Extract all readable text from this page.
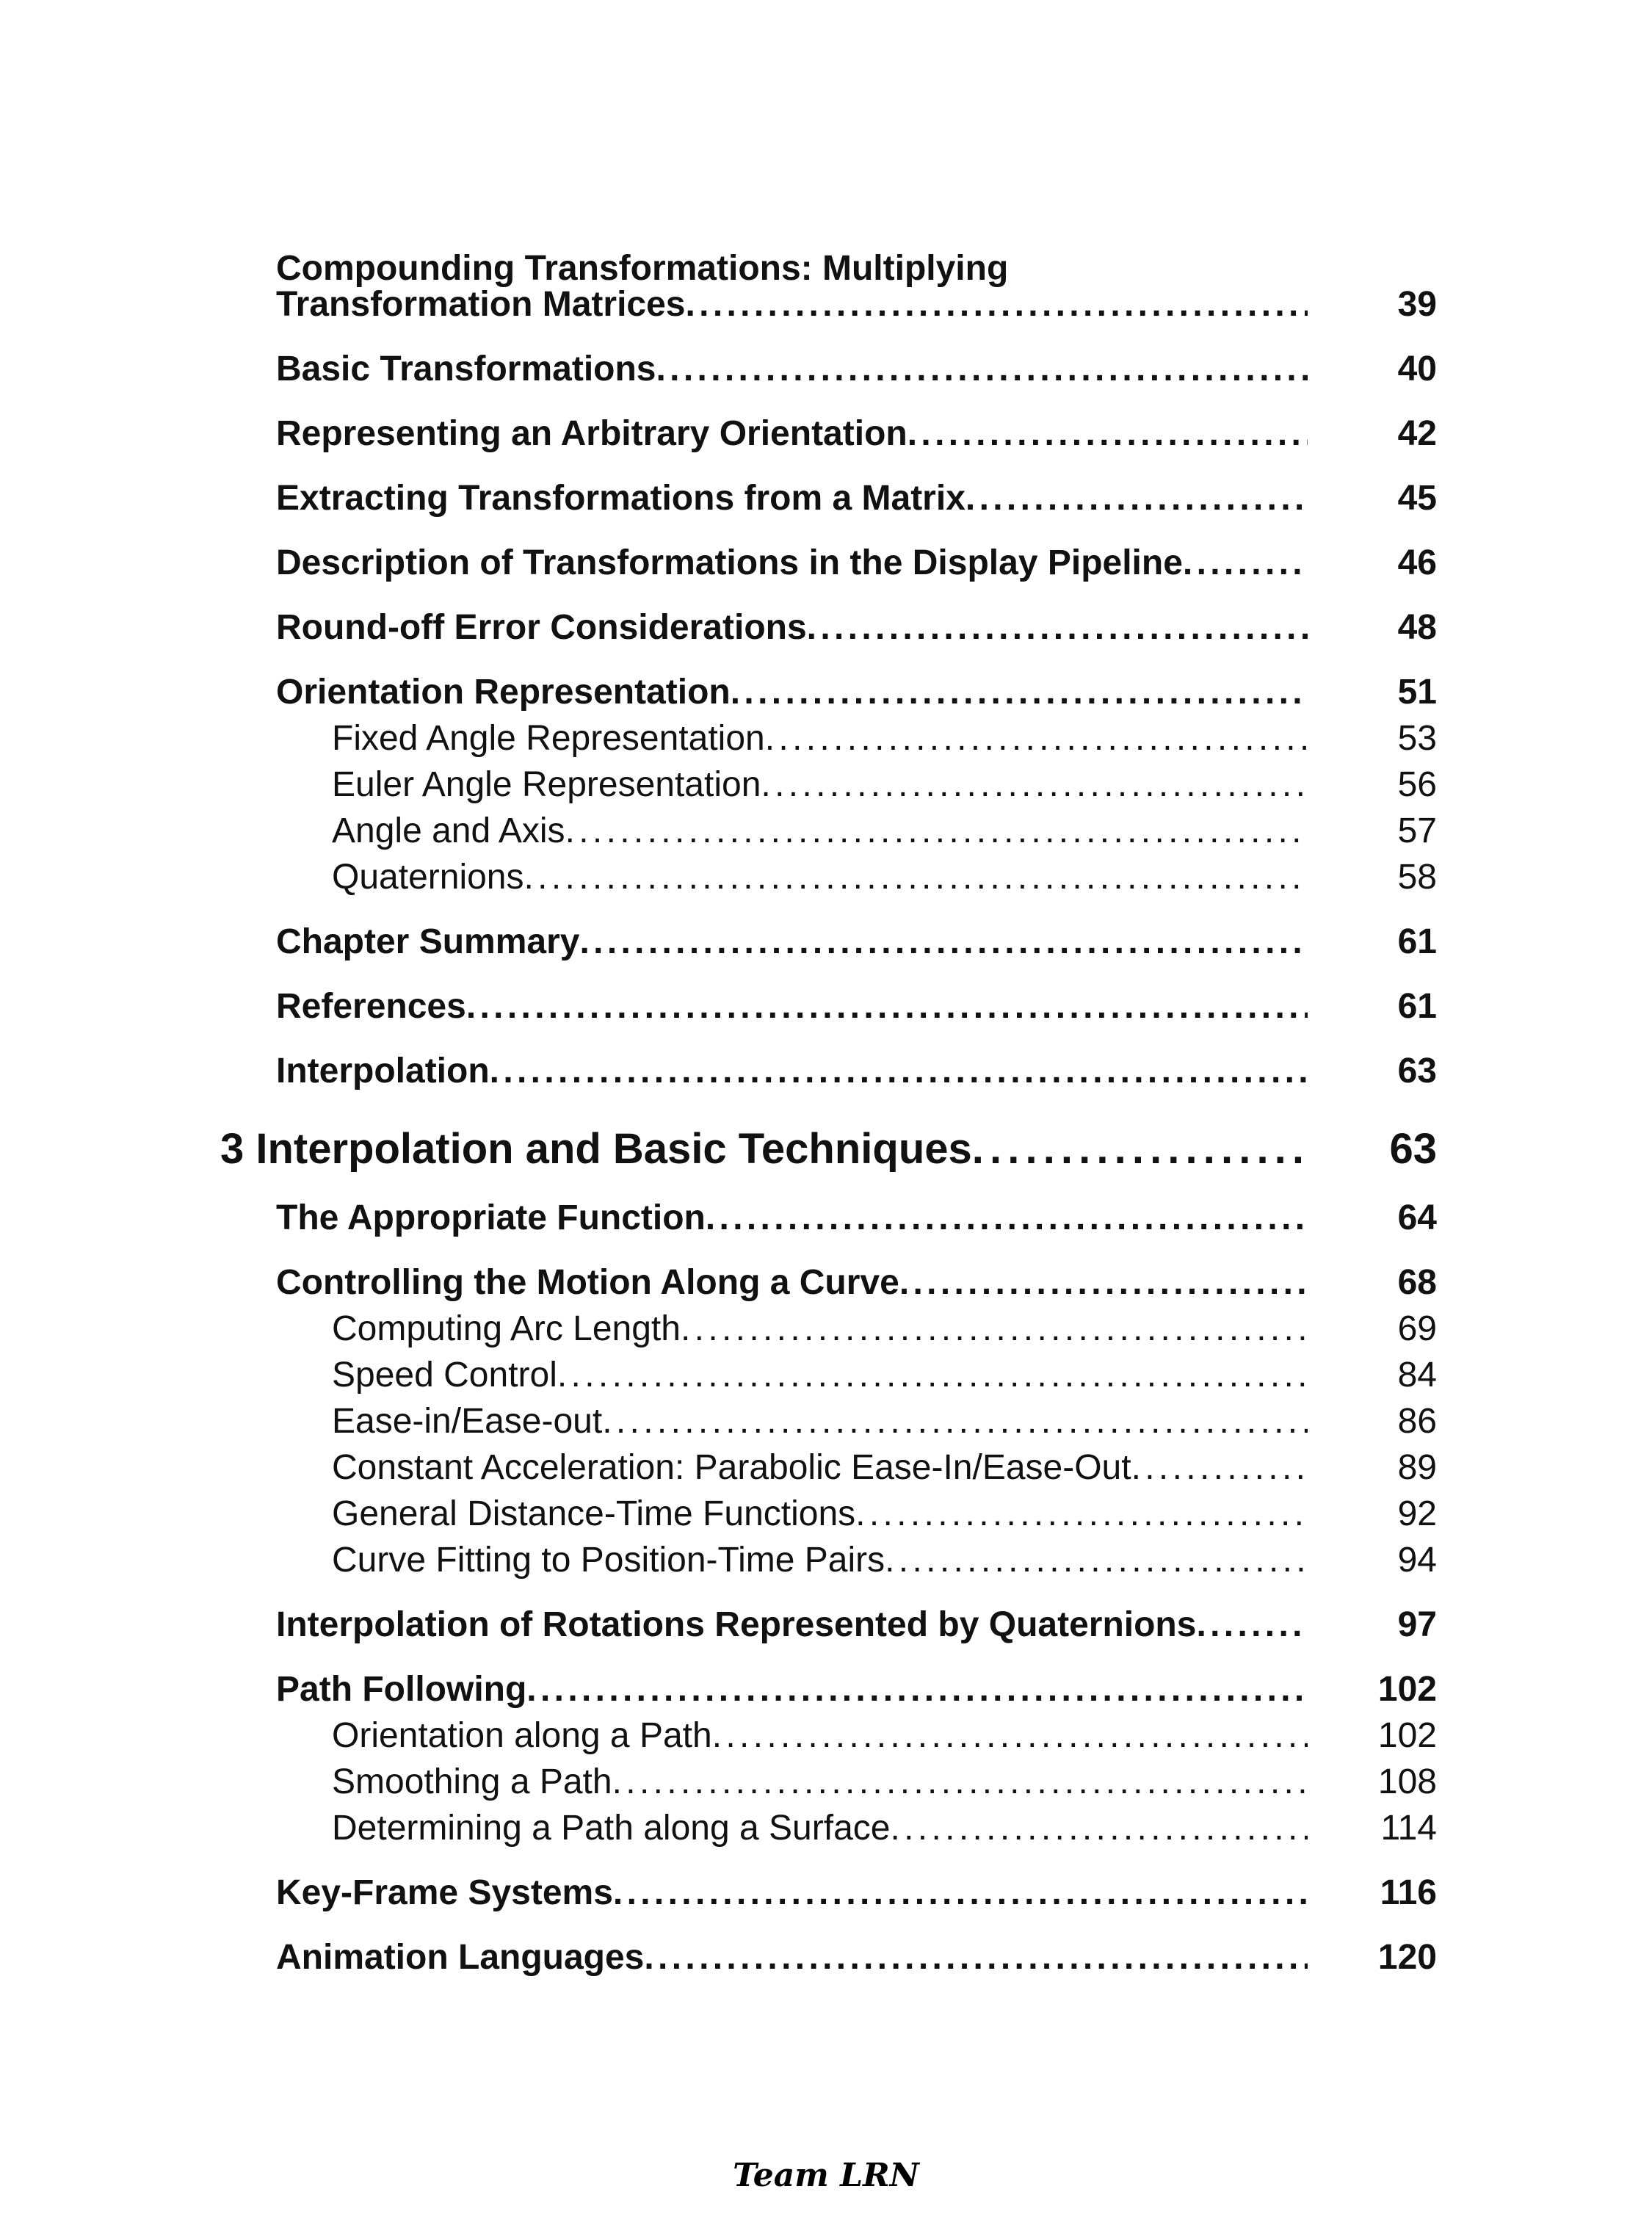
Compounding Transformations: Multiplying
Transformation Matrices . . .	39
Basic Transformations . . .	40
Representing an Arbitrary Orientation . . .	42
Extracting Transformations from a Matrix . . .	45
Description of Transformations in the Display Pipeline . . .	46
Round-off Error Considerations . . .	48
Orientation Representation . . .	51
Fixed Angle Representation . . .	53
Euler Angle Representation . . .	56
Angle and Axis . . .	57
Quaternions . . .	58
Chapter Summary . . .	61
References . . .	61
Interpolation . . .	63
3 Interpolation and Basic Techniques . . .	63
The Appropriate Function . . .	64
Controlling the Motion Along a Curve . . .	68
Computing Arc Length . . .	69
Speed Control . . .	84
Ease-in/Ease-out . . .	86
Constant Acceleration: Parabolic Ease-In/Ease-Out . . .	89
General Distance-Time Functions . . .	92
Curve Fitting to Position-Time Pairs . . .	94
Interpolation of Rotations Represented by Quaternions . . .	97
Path Following . . .	102
Orientation along a Path . . .	102
Smoothing a Path . . .	108
Determining a Path along a Surface . . .	114
Key-Frame Systems . . .	116
Animation Languages . . .	120
Team LRN
